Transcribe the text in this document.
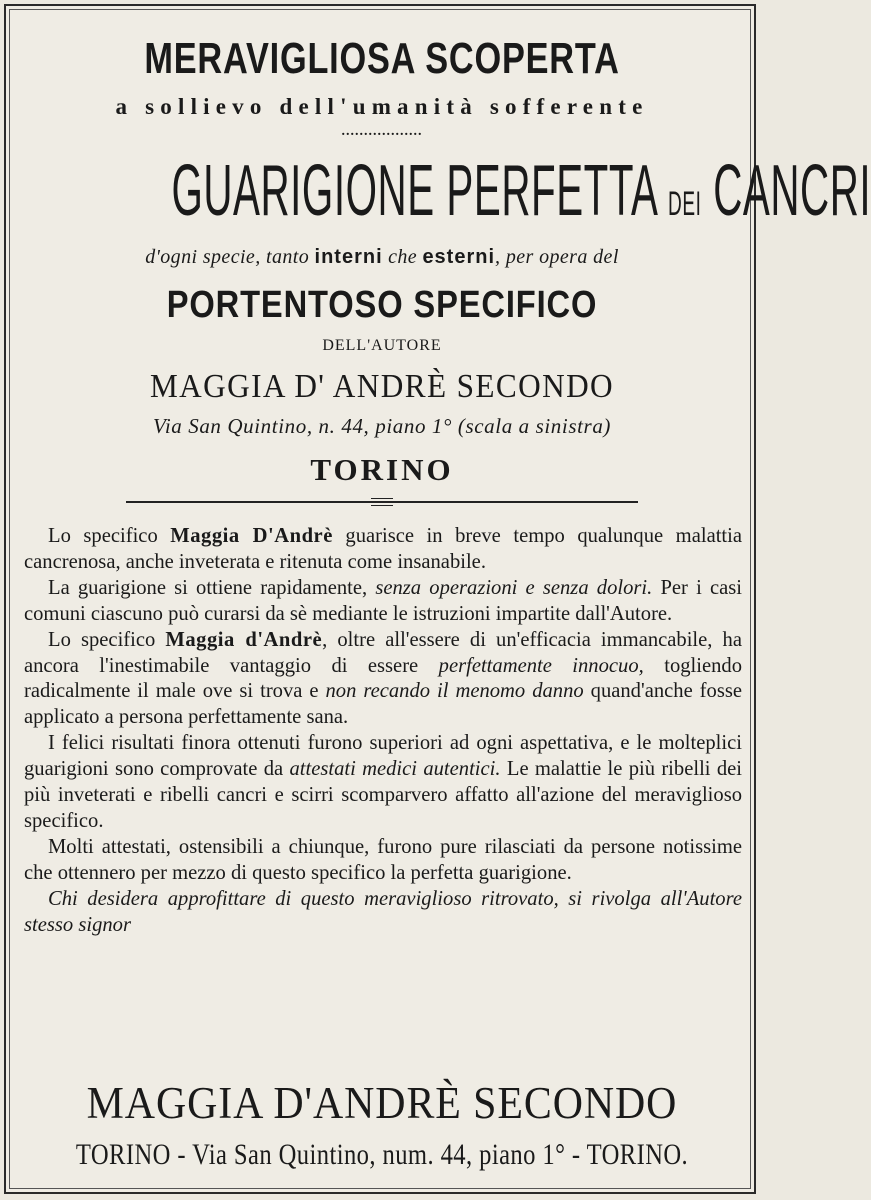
MERAVIGLIOSA SCOPERTA
a sollievo dell'umanità sofferente
..................
GUARIGIONE PERFETTA DEI CANCRI
d'ogni specie, tanto interni che esterni, per opera del
PORTENTOSO SPECIFICO
DELL'AUTORE
MAGGIA D' ANDRÈ SECONDO
Via San Quintino, n. 44, piano 1° (scala a sinistra)
TORINO

Lo specifico Maggia D'Andrè guarisce in breve tempo qualunque malattia cancrenosa, anche inveterata e ritenuta come insanabile.

La guarigione si ottiene rapidamente, senza operazioni e senza dolori. Per i casi comuni ciascuno può curarsi da sè mediante le istruzioni impartite dall'Autore.

Lo specifico Maggia d'Andrè, oltre all'essere di un'efficacia immancabile, ha ancora l'inestimabile vantaggio di essere perfettamente innocuo, togliendo radicalmente il male ove si trova e non recando il menomo danno quand'anche fosse applicato a persona perfettamente sana.

I felici risultati finora ottenuti furono superiori ad ogni aspettativa, e le molteplici guarigioni sono comprovate da attestati medici autentici. Le malattie le più ribelli dei più inveterati e ribelli cancri e scirri scomparvero affatto all'azione del meraviglioso specifico.

Molti attestati, ostensibili a chiunque, furono pure rilasciati da persone notissime che ottennero per mezzo di questo specifico la perfetta guarigione.

Chi desidera approfittare di questo meraviglioso ritrovato, si rivolga all'Autore stesso signor

MAGGIA D'ANDRÈ SECONDO
TORINO - Via San Quintino, num. 44, piano 1° - TORINO.
